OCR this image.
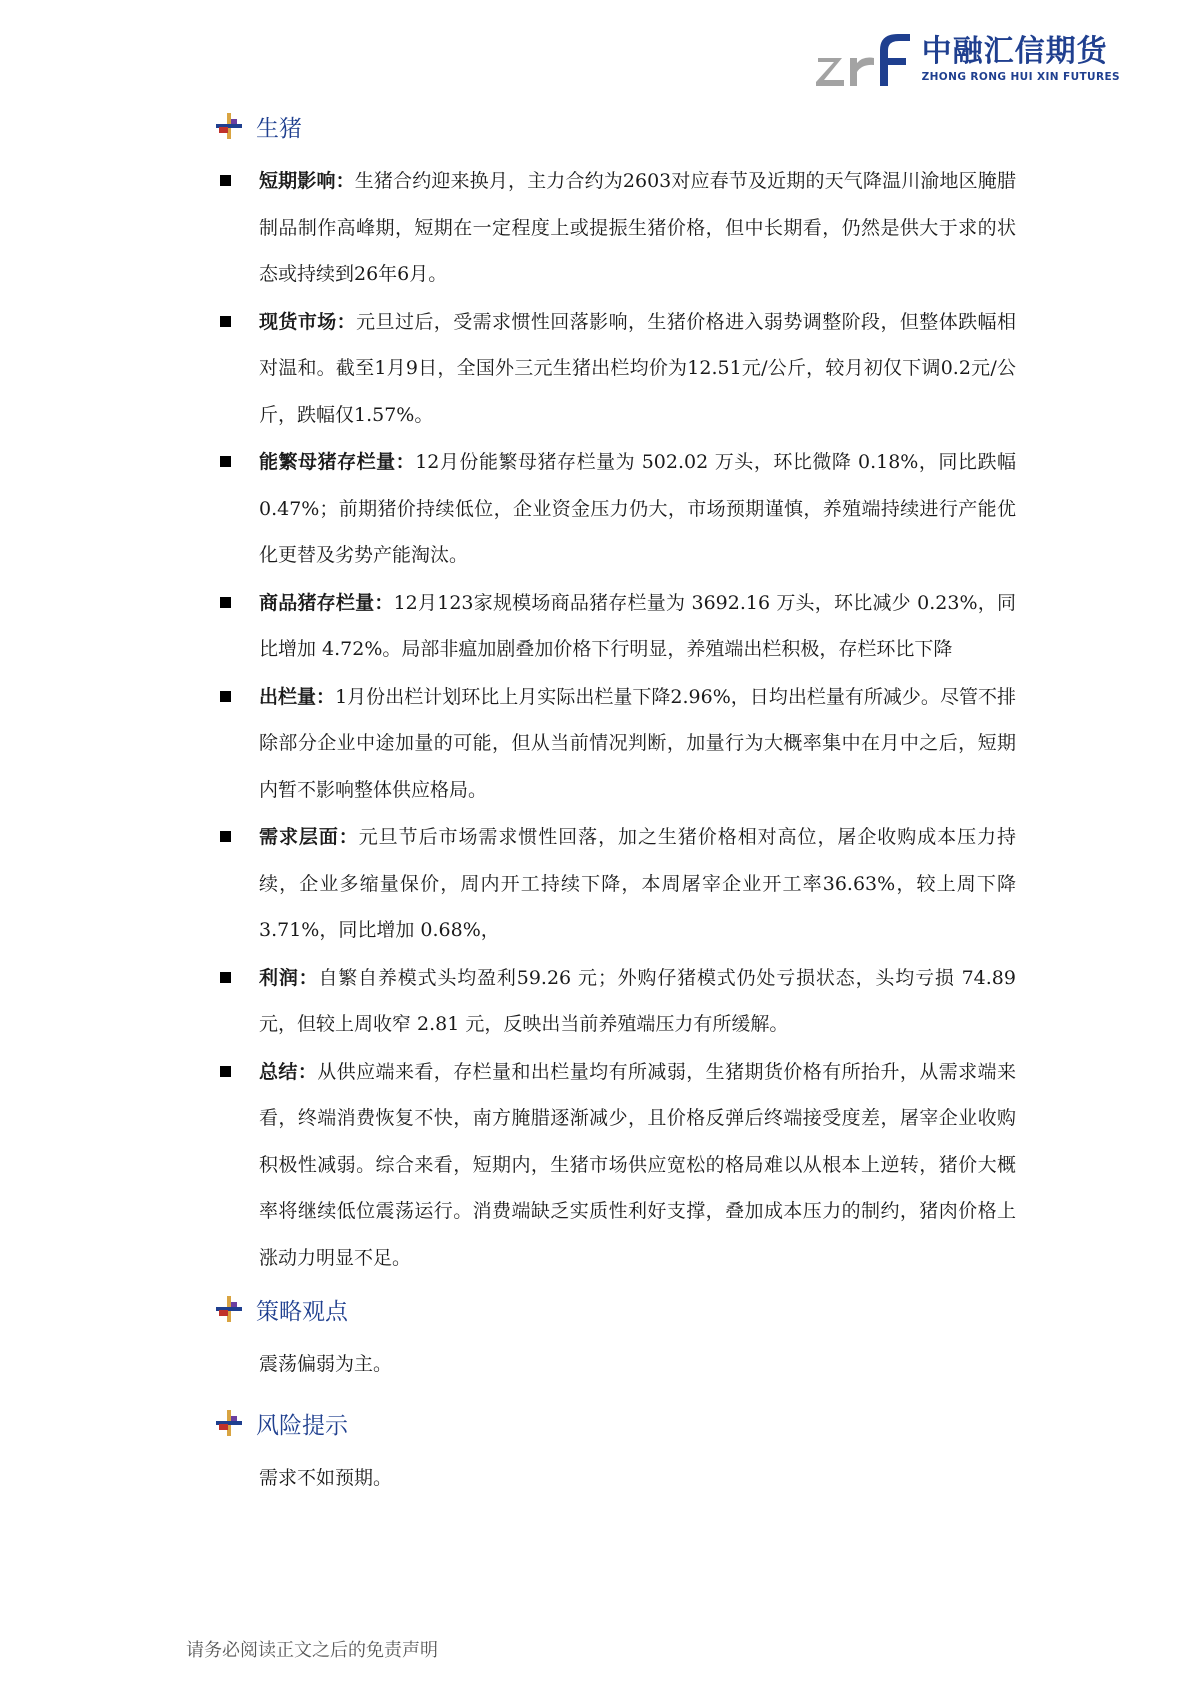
中融汇信期货
ZHONG RONG HUI XIN FUTURES
生猪
短期影响：生猪合约迎来换月，主力合约为2603对应春节及近期的天气降温川渝地区腌腊制品制作高峰期，短期在一定程度上或提振生猪价格，但中长期看，仍然是供大于求的状态或持续到26年6月。
现货市场：元旦过后，受需求惯性回落影响，生猪价格进入弱势调整阶段，但整体跌幅相对温和。截至1月9日，全国外三元生猪出栏均价为12.51元/公斤，较月初仅下调0.2元/公斤，跌幅仅1.57%。
能繁母猪存栏量：12月份能繁母猪存栏量为 502.02 万头，环比微降 0.18%，同比跌幅 0.47%；前期猪价持续低位，企业资金压力仍大，市场预期谨慎，养殖端持续进行产能优化更替及劣势产能淘汰。
商品猪存栏量：12月123家规模场商品猪存栏量为 3692.16 万头，环比减少 0.23%，同比增加 4.72%。局部非瘟加剧叠加价格下行明显，养殖端出栏积极，存栏环比下降
出栏量：1月份出栏计划环比上月实际出栏量下降2.96%，日均出栏量有所减少。尽管不排除部分企业中途加量的可能，但从当前情况判断，加量行为大概率集中在月中之后，短期内暂不影响整体供应格局。
需求层面：元旦节后市场需求惯性回落，加之生猪价格相对高位，屠企收购成本压力持续，企业多缩量保价，周内开工持续下降，本周屠宰企业开工率36.63%，较上周下降3.71%，同比增加 0.68%，
利润：自繁自养模式头均盈利59.26 元；外购仔猪模式仍处亏损状态，头均亏损 74.89 元，但较上周收窄 2.81 元，反映出当前养殖端压力有所缓解。
总结：从供应端来看，存栏量和出栏量均有所减弱，生猪期货价格有所抬升，从需求端来看，终端消费恢复不快，南方腌腊逐渐减少，且价格反弹后终端接受度差，屠宰企业收购积极性减弱。综合来看，短期内，生猪市场供应宽松的格局难以从根本上逆转，猪价大概率将继续低位震荡运行。消费端缺乏实质性利好支撑，叠加成本压力的制约，猪肉价格上涨动力明显不足。
策略观点

震荡偏弱为主。

风险提示

需求不如预期。

请务必阅读正文之后的免责声明
